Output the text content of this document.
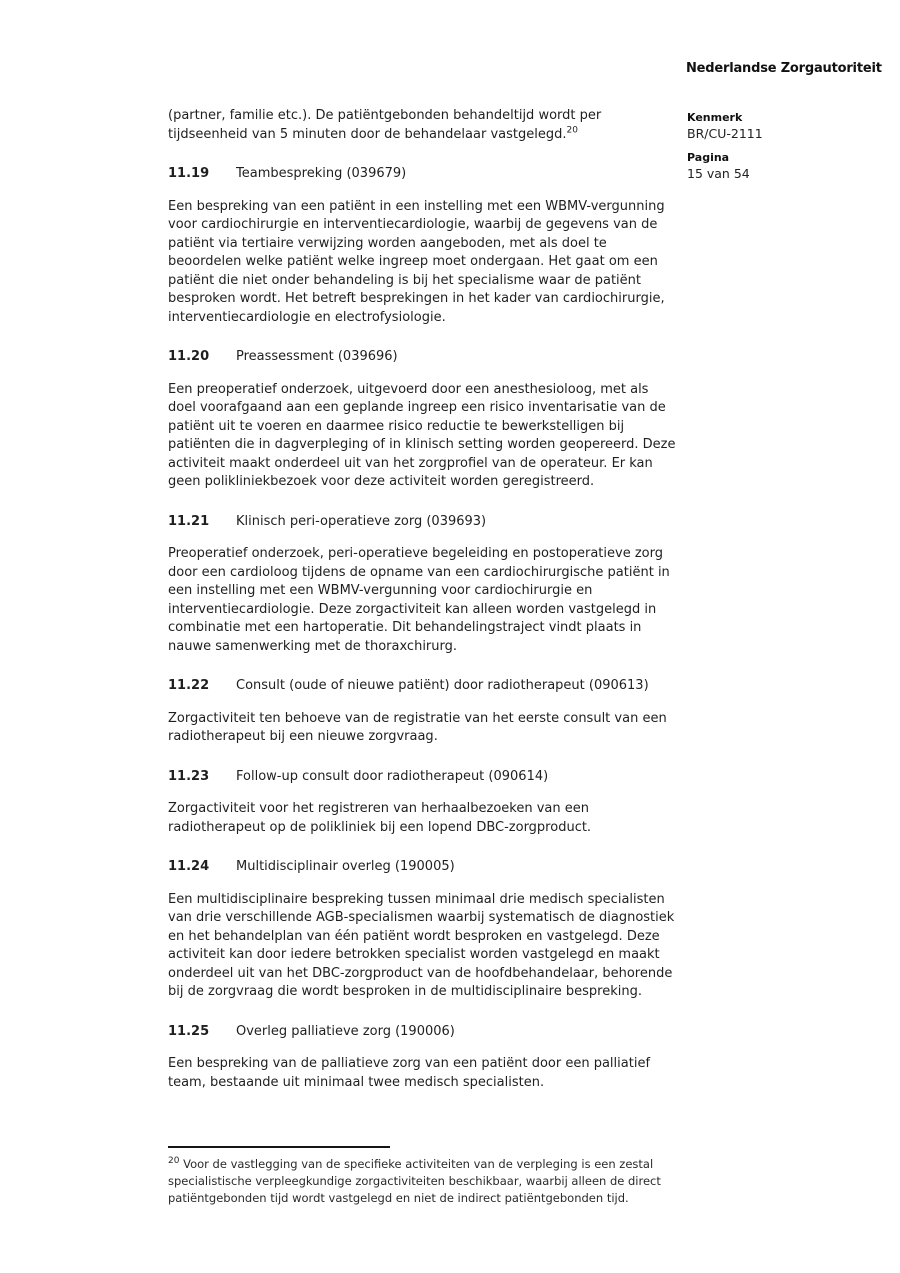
Nederlandse Zorgautoriteit
Kenmerk
BR/CU-2111
Pagina
15 van 54

(partner, familie etc.). De patiëntgebonden behandeltijd wordt per tijdseenheid van 5 minuten door de behandelaar vastgelegd.$^{20}$

11.19	Teambespreking (039679)

Een bespreking van een patiënt in een instelling met een WBMV-vergunning voor cardiochirurgie en interventiecardiologie, waarbij de gegevens van de patiënt via tertiaire verwijzing worden aangeboden, met als doel te beoordelen welke patiënt welke ingreep moet ondergaan. Het gaat om een patiënt die niet onder behandeling is bij het specialisme waar de patiënt besproken wordt. Het betreft besprekingen in het kader van cardiochirurgie, interventiecardiologie en electrofysiologie.

11.20	Preassessment (039696)

Een preoperatief onderzoek, uitgevoerd door een anesthesioloog, met als doel voorafgaand aan een geplande ingreep een risico inventarisatie van de patiënt uit te voeren en daarmee risico reductie te bewerkstelligen bij patiënten die in dagverpleging of in klinisch setting worden geopereerd. Deze activiteit maakt onderdeel uit van het zorgprofiel van de operateur. Er kan geen polikliniekbezoek voor deze activiteit worden geregistreerd.

11.21	Klinisch peri-operatieve zorg (039693)

Preoperatief onderzoek, peri-operatieve begeleiding en postoperatieve zorg door een cardioloog tijdens de opname van een cardiochirurgische patiënt in een instelling met een WBMV-vergunning voor cardiochirurgie en interventiecardiologie. Deze zorgactiviteit kan alleen worden vastgelegd in combinatie met een hartoperatie. Dit behandelingstraject vindt plaats in nauwe samenwerking met de thoraxchirurg.

11.22	Consult (oude of nieuwe patiënt) door radiotherapeut (090613)

Zorgactiviteit ten behoeve van de registratie van het eerste consult van een radiotherapeut bij een nieuwe zorgvraag.

11.23	Follow-up consult door radiotherapeut (090614)

Zorgactiviteit voor het registreren van herhaalbezoeken van een radiotherapeut op de polikliniek bij een lopend DBC-zorgproduct.

11.24	Multidisciplinair overleg (190005)

Een multidisciplinaire bespreking tussen minimaal drie medisch specialisten van drie verschillende AGB-specialismen waarbij systematisch de diagnostiek en het behandelplan van één patiënt wordt besproken en vastgelegd. Deze activiteit kan door iedere betrokken specialist worden vastgelegd en maakt onderdeel uit van het DBC-zorgproduct van de hoofdbehandelaar, behorende bij de zorgvraag die wordt besproken in de multidisciplinaire bespreking.

11.25	Overleg palliatieve zorg (190006)

Een bespreking van de palliatieve zorg van een patiënt door een palliatief team, bestaande uit minimaal twee medisch specialisten.

$^{20}$ Voor de vastlegging van de specifieke activiteiten van de verpleging is een zestal specialistische verpleegkundige zorgactiviteiten beschikbaar, waarbij alleen de direct patiëntgebonden tijd wordt vastgelegd en niet de indirect patiëntgebonden tijd.
